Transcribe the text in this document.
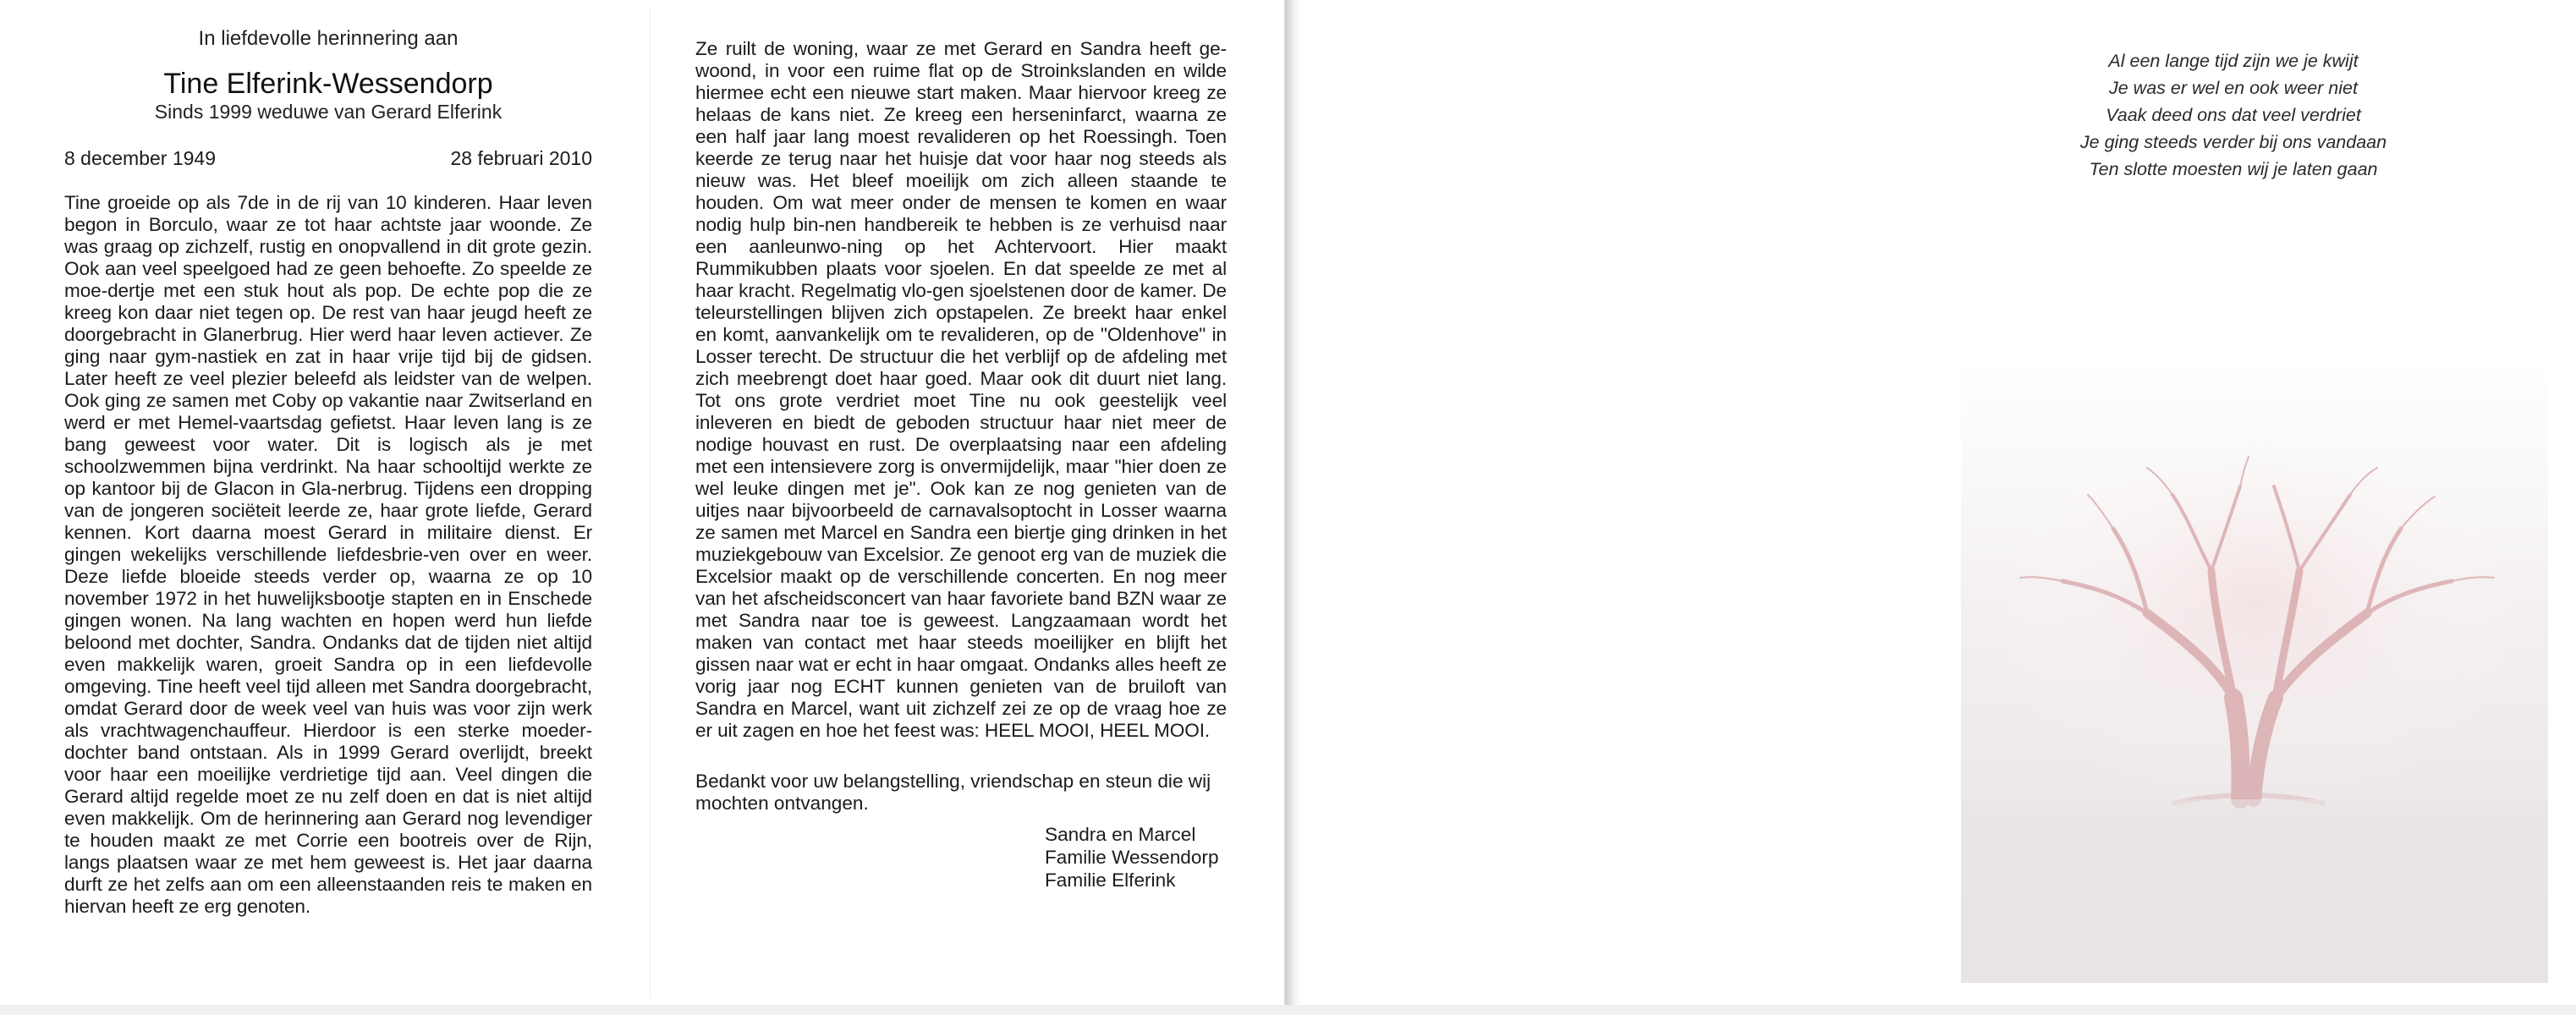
In liefdevolle herinnering aan

Tine Elferink-Wessendorp

Sinds 1999 weduwe van Gerard Elferink

8 december 1949	28 februari 2010

Tine groeide op als 7de in de rij van 10 kinderen. Haar leven begon in Borculo, waar ze tot haar achtste jaar woonde. Ze was graag op zichzelf, rustig en onopvallend in dit grote gezin. Ook aan veel speelgoed had ze geen behoefte. Zo speelde ze moe-dertje met een stuk hout als pop. De echte pop die ze kreeg kon daar niet tegen op. De rest van haar jeugd heeft ze doorgebracht in Glanerbrug. Hier werd haar leven actiever. Ze ging naar gym-nastiek en zat in haar vrije tijd bij de gidsen. Later heeft ze veel plezier beleefd als leidster van de welpen. Ook ging ze samen met Coby op vakantie naar Zwitserland en werd er met Hemel-vaartsdag gefietst. Haar leven lang is ze bang geweest voor water. Dit is logisch als je met schoolzwemmen bijna verdrinkt. Na haar schooltijd werkte ze op kantoor bij de Glacon in Gla-nerbrug. Tijdens een dropping van de jongeren sociëteit leerde ze, haar grote liefde, Gerard kennen. Kort daarna moest Gerard in militaire dienst. Er gingen wekelijks verschillende liefdesbrie-ven over en weer. Deze liefde bloeide steeds verder op, waarna ze op 10 november 1972 in het huwelijksbootje stapten en in Enschede gingen wonen. Na lang wachten en hopen werd hun liefde beloond met dochter, Sandra. Ondanks dat de tijden niet altijd even makkelijk waren, groeit Sandra op in een liefdevolle omgeving. Tine heeft veel tijd alleen met Sandra doorgebracht, omdat Gerard door de week veel van huis was voor zijn werk als vrachtwagenchauffeur. Hierdoor is een sterke moeder-dochter band ontstaan. Als in 1999 Gerard overlijdt, breekt voor haar een moeilijke verdrietige tijd aan. Veel dingen die Gerard altijd regelde moet ze nu zelf doen en dat is niet altijd even makkelijk. Om de herinnering aan Gerard nog levendiger te houden maakt ze met Corrie een bootreis over de Rijn, langs plaatsen waar ze met hem geweest is. Het jaar daarna durft ze het zelfs aan om een alleenstaanden reis te maken en hiervan heeft ze erg genoten.

Ze ruilt de woning, waar ze met Gerard en Sandra heeft ge-woond, in voor een ruime flat op de Stroinkslanden en wilde hiermee echt een nieuwe start maken. Maar hiervoor kreeg ze helaas de kans niet. Ze kreeg een herseninfarct, waarna ze een half jaar lang moest revalideren op het Roessingh. Toen keerde ze terug naar het huisje dat voor haar nog steeds als nieuw was. Het bleef moeilijk om zich alleen staande te houden. Om wat meer onder de mensen te komen en waar nodig hulp bin-nen handbereik te hebben is ze verhuisd naar een aanleunwo-ning op het Achtervoort. Hier maakt Rummikubben plaats voor sjoelen. En dat speelde ze met al haar kracht. Regelmatig vlo-gen sjoelstenen door de kamer. De teleurstellingen blijven zich opstapelen. Ze breekt haar enkel en komt, aanvankelijk om te revalideren, op de "Oldenhove" in Losser terecht. De structuur die het verblijf op de afdeling met zich meebrengt doet haar goed. Maar ook dit duurt niet lang. Tot ons grote verdriet moet Tine nu ook geestelijk veel inleveren en biedt de geboden structuur haar niet meer de nodige houvast en rust. De overplaatsing naar een afdeling met een intensievere zorg is onvermijdelijk, maar "hier doen ze wel leuke dingen met je". Ook kan ze nog genieten van de uitjes naar bijvoorbeeld de carnavalsoptocht in Losser waarna ze samen met Marcel en Sandra een biertje ging drinken in het muziekgebouw van Excelsior. Ze genoot erg van de muziek die Excelsior maakt op de verschillende concerten. En nog meer van het afscheidsconcert van haar favoriete band BZN waar ze met Sandra naar toe is geweest. Langzaamaan wordt het maken van contact met haar steeds moeilijker en blijft het gissen naar wat er echt in haar omgaat. Ondanks alles heeft ze vorig jaar nog ECHT kunnen genieten van de bruiloft van Sandra en Marcel, want uit zichzelf zei ze op de vraag hoe ze er uit zagen en hoe het feest was: HEEL MOOI, HEEL MOOI.

Bedankt voor uw belangstelling, vriendschap en steun die wij mochten ontvangen.

Sandra en Marcel
Familie Wessendorp
Familie Elferink
Al een lange tijd zijn we je kwijt
Je was er wel en ook weer niet
Vaak deed ons dat veel verdriet
Je ging steeds verder bij ons vandaan
Ten slotte moesten wij je laten gaan
